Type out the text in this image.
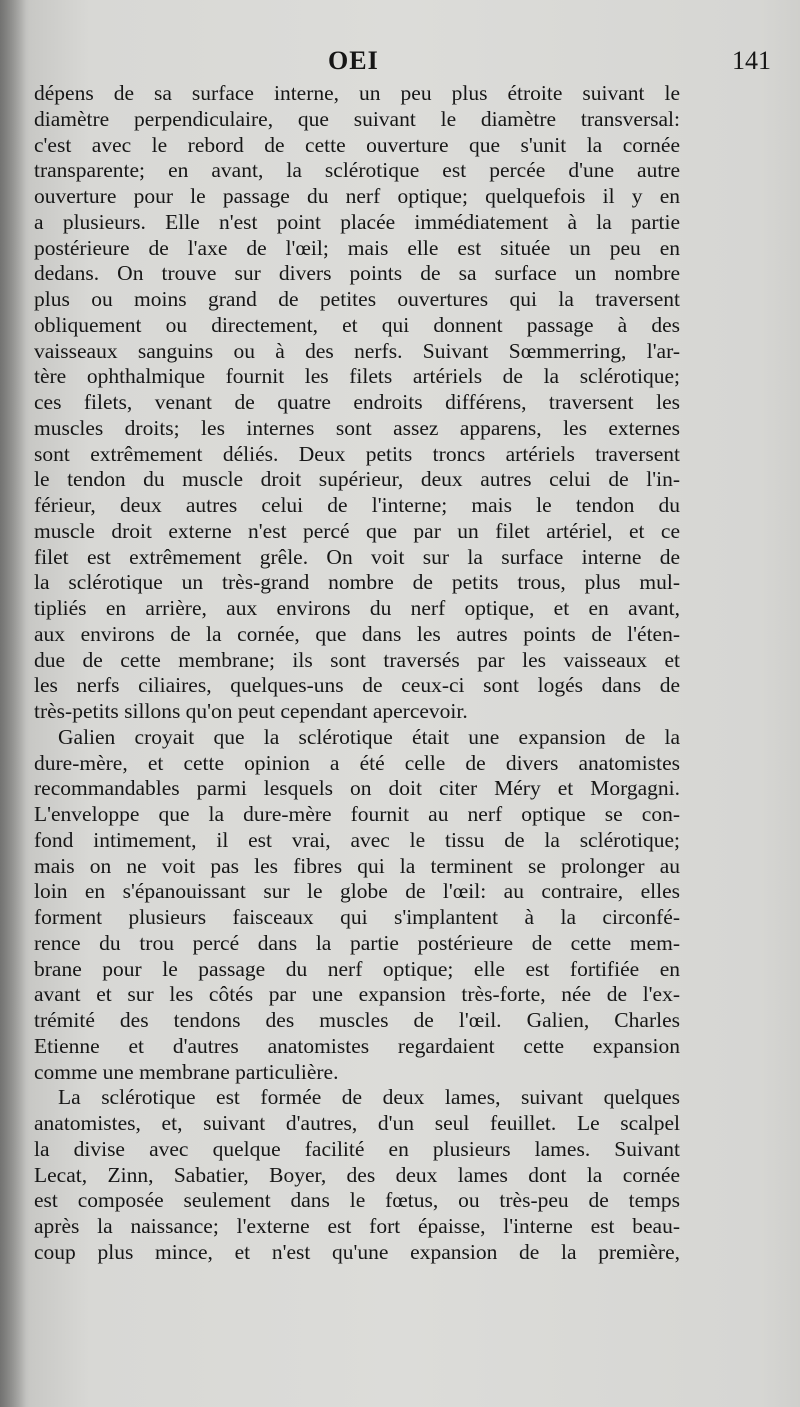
OEI	141
dépens de sa surface interne, un peu plus étroite suivant le
diamètre perpendiculaire, que suivant le diamètre transversal:
c'est avec le rebord de cette ouverture que s'unit la cornée
transparente; en avant, la sclérotique est percée d'une autre
ouverture pour le passage du nerf optique; quelquefois il y en
a plusieurs. Elle n'est point placée immédiatement à la partie
postérieure de l'axe de l'œil; mais elle est située un peu en
dedans. On trouve sur divers points de sa surface un nombre
plus ou moins grand de petites ouvertures qui la traversent
obliquement ou directement, et qui donnent passage à des
vaisseaux sanguins ou à des nerfs. Suivant Sœmmerring, l'ar-
tère ophthalmique fournit les filets artériels de la sclérotique;
ces filets, venant de quatre endroits différens, traversent les
muscles droits; les internes sont assez apparens, les externes
sont extrêmement déliés. Deux petits troncs artériels traversent
le tendon du muscle droit supérieur, deux autres celui de l'in-
férieur, deux autres celui de l'interne; mais le tendon du
muscle droit externe n'est percé que par un filet artériel, et ce
filet est extrêmement grêle. On voit sur la surface interne de
la sclérotique un très-grand nombre de petits trous, plus mul-
tipliés en arrière, aux environs du nerf optique, et en avant,
aux environs de la cornée, que dans les autres points de l'éten-
due de cette membrane; ils sont traversés par les vaisseaux et
les nerfs ciliaires, quelques-uns de ceux-ci sont logés dans de
très-petits sillons qu'on peut cependant apercevoir.
Galien croyait que la sclérotique était une expansion de la
dure-mère, et cette opinion a été celle de divers anatomistes
recommandables parmi lesquels on doit citer Méry et Morgagni.
L'enveloppe que la dure-mère fournit au nerf optique se con-
fond intimement, il est vrai, avec le tissu de la sclérotique;
mais on ne voit pas les fibres qui la terminent se prolonger au
loin en s'épanouissant sur le globe de l'œil: au contraire, elles
forment plusieurs faisceaux qui s'implantent à la circonfé-
rence du trou percé dans la partie postérieure de cette mem-
brane pour le passage du nerf optique; elle est fortifiée en
avant et sur les côtés par une expansion très-forte, née de l'ex-
trémité des tendons des muscles de l'œil. Galien, Charles
Etienne et d'autres anatomistes regardaient cette expansion
comme une membrane particulière.
La sclérotique est formée de deux lames, suivant quelques
anatomistes, et, suivant d'autres, d'un seul feuillet. Le scalpel
la divise avec quelque facilité en plusieurs lames. Suivant
Lecat, Zinn, Sabatier, Boyer, des deux lames dont la cornée
est composée seulement dans le fœtus, ou très-peu de temps
après la naissance; l'externe est fort épaisse, l'interne est beau-
coup plus mince, et n'est qu'une expansion de la première,
